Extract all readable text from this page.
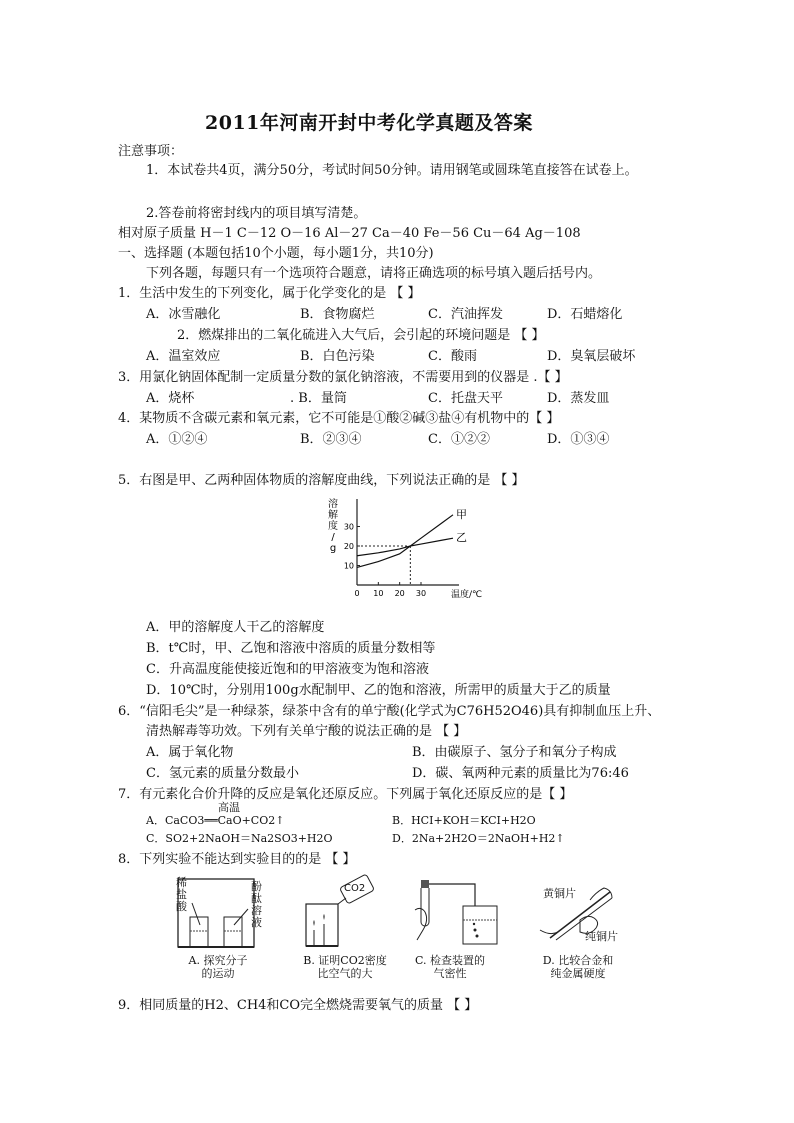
2011年河南开封中考化学真题及答案
注意事项：
1．本试卷共4页，满分50分，考试时间50分钟。请用钢笔或圆珠笔直接答在试卷上。
2.答卷前将密封线内的项目填写清楚。
相对原子质量 H－1 C－12 O－16 Al－27 Ca－40 Fe－56 Cu－64 Ag－108
一、选择题 (本题包括10个小题，每小题1分，共10分)
下列各题，每题只有一个选项符合题意，请将正确选项的标号填入题后括号内。
1．生活中发生的下列变化，属于化学变化的是 【 】
A．冰雪融化	B．食物腐烂	C．汽油挥发	D．石蜡熔化
2．燃煤排出的二氧化硫进入大气后，会引起的环境问题是 【 】
A．温室效应	B．白色污染	C．酸雨	D．臭氧层破坏
3．用氯化钠固体配制一定质量分数的氯化钠溶液，不需要用到的仪器是 .【 】
A．烧杯	. B．量筒	C．托盘天平	D．蒸发皿
4．某物质不含碳元素和氧元素，它不可能是①酸②碱③盐④有机物中的【 】
A．①②④	B．②③④	C．①②②	D．①③④
5．右图是甲、乙两种固体物质的溶解度曲线，下列说法正确的是 【 】
溶
解
度
/
g
温度/℃
0 10 20 30
10
20
30
甲
乙
A．甲的溶解度人干乙的溶解度
B．t℃时，甲、乙饱和溶液中溶质的质量分数相等
C．升高温度能使接近饱和的甲溶液变为饱和溶液
D．10℃时，分别用100g水配制甲、乙的饱和溶液，所需甲的质量大于乙的质量
6．“信阳毛尖”是一种绿茶，绿茶中含有的单宁酸(化学式为C76H52O46)具有抑制血压上升、
清热解毒等功效。下列有关单宁酸的说法正确的是 【 】
A．属于氧化物	B．由碳原子、氢分子和氧分子构成
C．氢元素的质量分数最小	D．碳、氧两种元素的质量比为76:46
7．有元素化合价升降的反应是氧化还原反应。下列属于氧化还原反应的是【 】
高温
A．CaCO3══CaO+CO2↑	B．HCI+KOH＝KCI+H2O
C．SO2+2NaOH＝Na2SO3+H2O	D．2Na+2H2O＝2NaOH+H2↑
8．下列实验不能达到实验目的的是 【 】
稀盐酸
酚酞溶液
CO2	黄铜片
纯铜片
A. 探究分子
的运动
B. 证明CO2密度
比空气的大
C. 检查装置的
气密性
D. 比较合金和
纯金属硬度
9．相同质量的H2、CH4和CO完全燃烧需要氧气的质量 【 】
